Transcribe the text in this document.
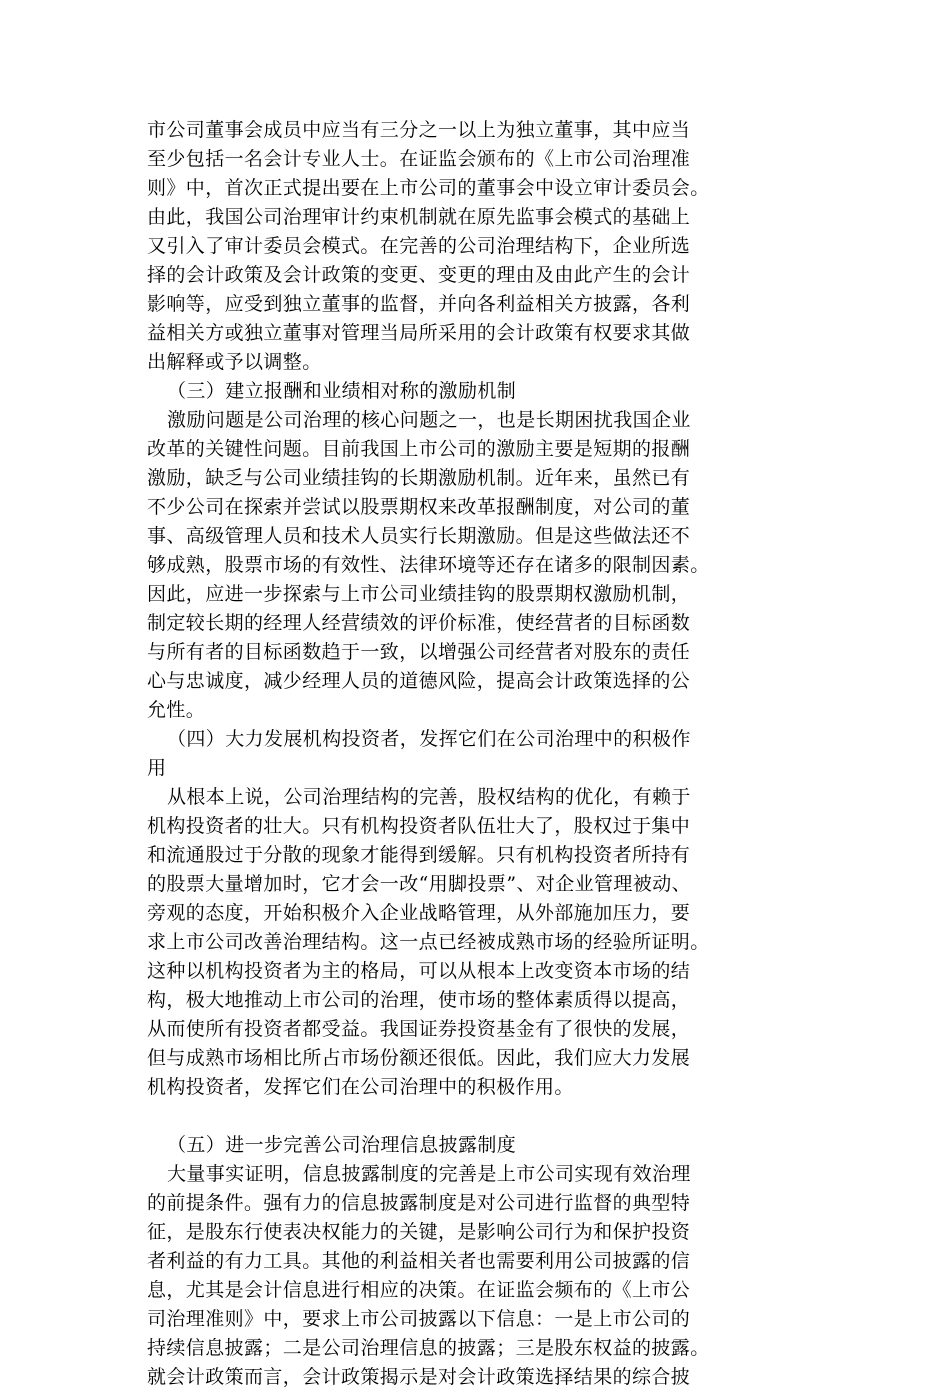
市公司董事会成员中应当有三分之一以上为独立董事，其中应当
至少包括一名会计专业人士。在证监会颁布的《上市公司治理准
则》中，首次正式提出要在上市公司的董事会中设立审计委员会。
由此，我国公司治理审计约束机制就在原先监事会模式的基础上
又引入了审计委员会模式。在完善的公司治理结构下，企业所选
择的会计政策及会计政策的变更、变更的理由及由此产生的会计
影响等，应受到独立董事的监督，并向各利益相关方披露，各利
益相关方或独立董事对管理当局所采用的会计政策有权要求其做
出解释或予以调整。
（三）建立报酬和业绩相对称的激励机制
激励问题是公司治理的核心问题之一，也是长期困扰我国企业
改革的关键性问题。目前我国上市公司的激励主要是短期的报酬
激励，缺乏与公司业绩挂钩的长期激励机制。近年来，虽然已有
不少公司在探索并尝试以股票期权来改革报酬制度，对公司的董
事、高级管理人员和技术人员实行长期激励。但是这些做法还不
够成熟，股票市场的有效性、法律环境等还存在诸多的限制因素。
因此，应进一步探索与上市公司业绩挂钩的股票期权激励机制，
制定较长期的经理人经营绩效的评价标准，使经营者的目标函数
与所有者的目标函数趋于一致，以增强公司经营者对股东的责任
心与忠诚度，减少经理人员的道德风险，提高会计政策选择的公
允性。
（四）大力发展机构投资者，发挥它们在公司治理中的积极作
用
从根本上说，公司治理结构的完善，股权结构的优化，有赖于
机构投资者的壮大。只有机构投资者队伍壮大了，股权过于集中
和流通股过于分散的现象才能得到缓解。只有机构投资者所持有
的股票大量增加时，它才会一改“用脚投票”、对企业管理被动、
旁观的态度，开始积极介入企业战略管理，从外部施加压力，要
求上市公司改善治理结构。这一点已经被成熟市场的经验所证明。
这种以机构投资者为主的格局，可以从根本上改变资本市场的结
构，极大地推动上市公司的治理，使市场的整体素质得以提高，
从而使所有投资者都受益。我国证券投资基金有了很快的发展，
但与成熟市场相比所占市场份额还很低。因此，我们应大力发展
机构投资者，发挥它们在公司治理中的积极作用。
（五）进一步完善公司治理信息披露制度
大量事实证明，信息披露制度的完善是上市公司实现有效治理
的前提条件。强有力的信息披露制度是对公司进行监督的典型特
征，是股东行使表决权能力的关键，是影响公司行为和保护投资
者利益的有力工具。其他的利益相关者也需要利用公司披露的信
息，尤其是会计信息进行相应的决策。在证监会频布的《上市公
司治理准则》中，要求上市公司披露以下信息：一是上市公司的
持续信息披露；二是公司治理信息的披露；三是股东权益的披露。
就会计政策而言，会计政策揭示是对会计政策选择结果的综合披
